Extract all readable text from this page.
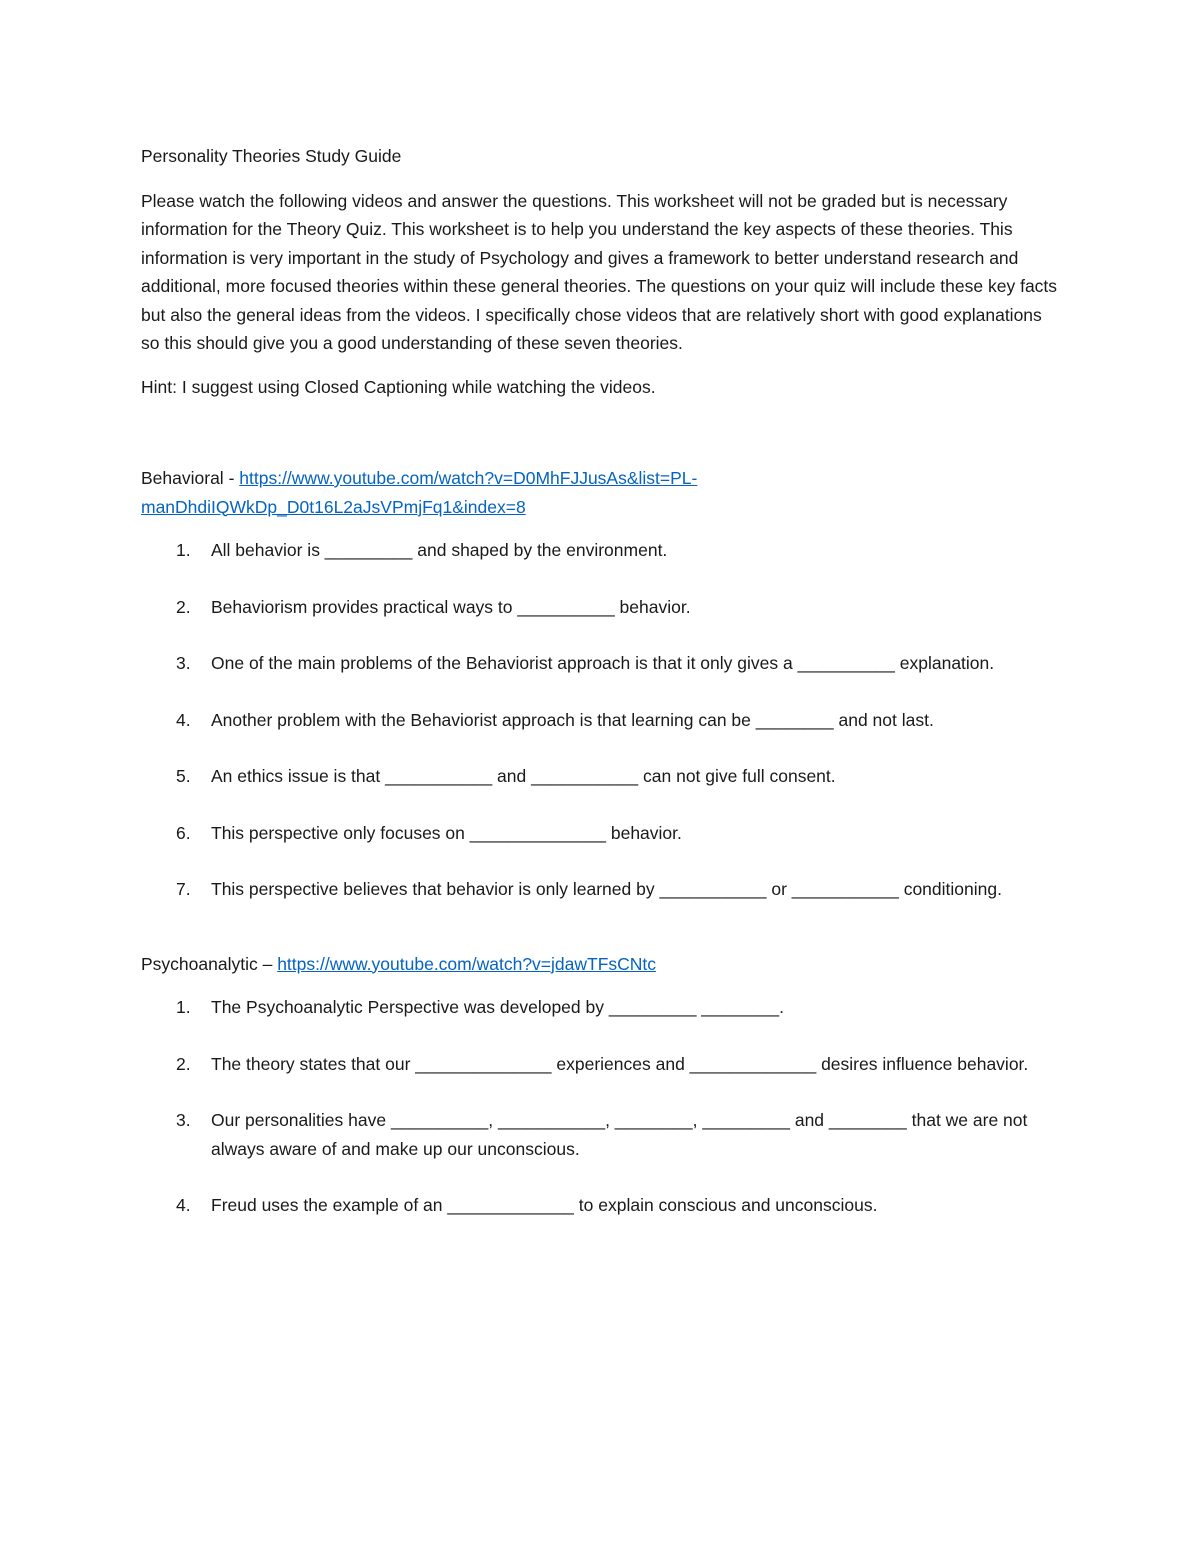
Personality Theories Study Guide

Please watch the following videos and answer the questions. This worksheet will not be graded but is necessary information for the Theory Quiz. This worksheet is to help you understand the key aspects of these theories. This information is very important in the study of Psychology and gives a framework to better understand research and additional, more focused theories within these general theories. The questions on your quiz will include these key facts but also the general ideas from the videos. I specifically chose videos that are relatively short with good explanations so this should give you a good understanding of these seven theories.

Hint: I suggest using Closed Captioning while watching the videos.

Behavioral - https://www.youtube.com/watch?v=D0MhFJJusAs&list=PL-
manDhdiIQWkDp_D0t16L2aJsVPmjFq1&index=8

1. All behavior is _________ and shaped by the environment.
2. Behaviorism provides practical ways to __________ behavior.
3. One of the main problems of the Behaviorist approach is that it only gives a __________ explanation.
4. Another problem with the Behaviorist approach is that learning can be ________ and not last.
5. An ethics issue is that ___________ and ___________ can not give full consent.
6. This perspective only focuses on ______________ behavior.
7. This perspective believes that behavior is only learned by ___________ or ___________ conditioning.

Psychoanalytic – https://www.youtube.com/watch?v=jdawTFsCNtc

1. The Psychoanalytic Perspective was developed by _________ ________.
2. The theory states that our ______________ experiences and _____________ desires influence behavior.
3. Our personalities have __________, ___________, ________, _________ and ________ that we are not always aware of and make up our unconscious.
4. Freud uses the example of an _____________ to explain conscious and unconscious.
